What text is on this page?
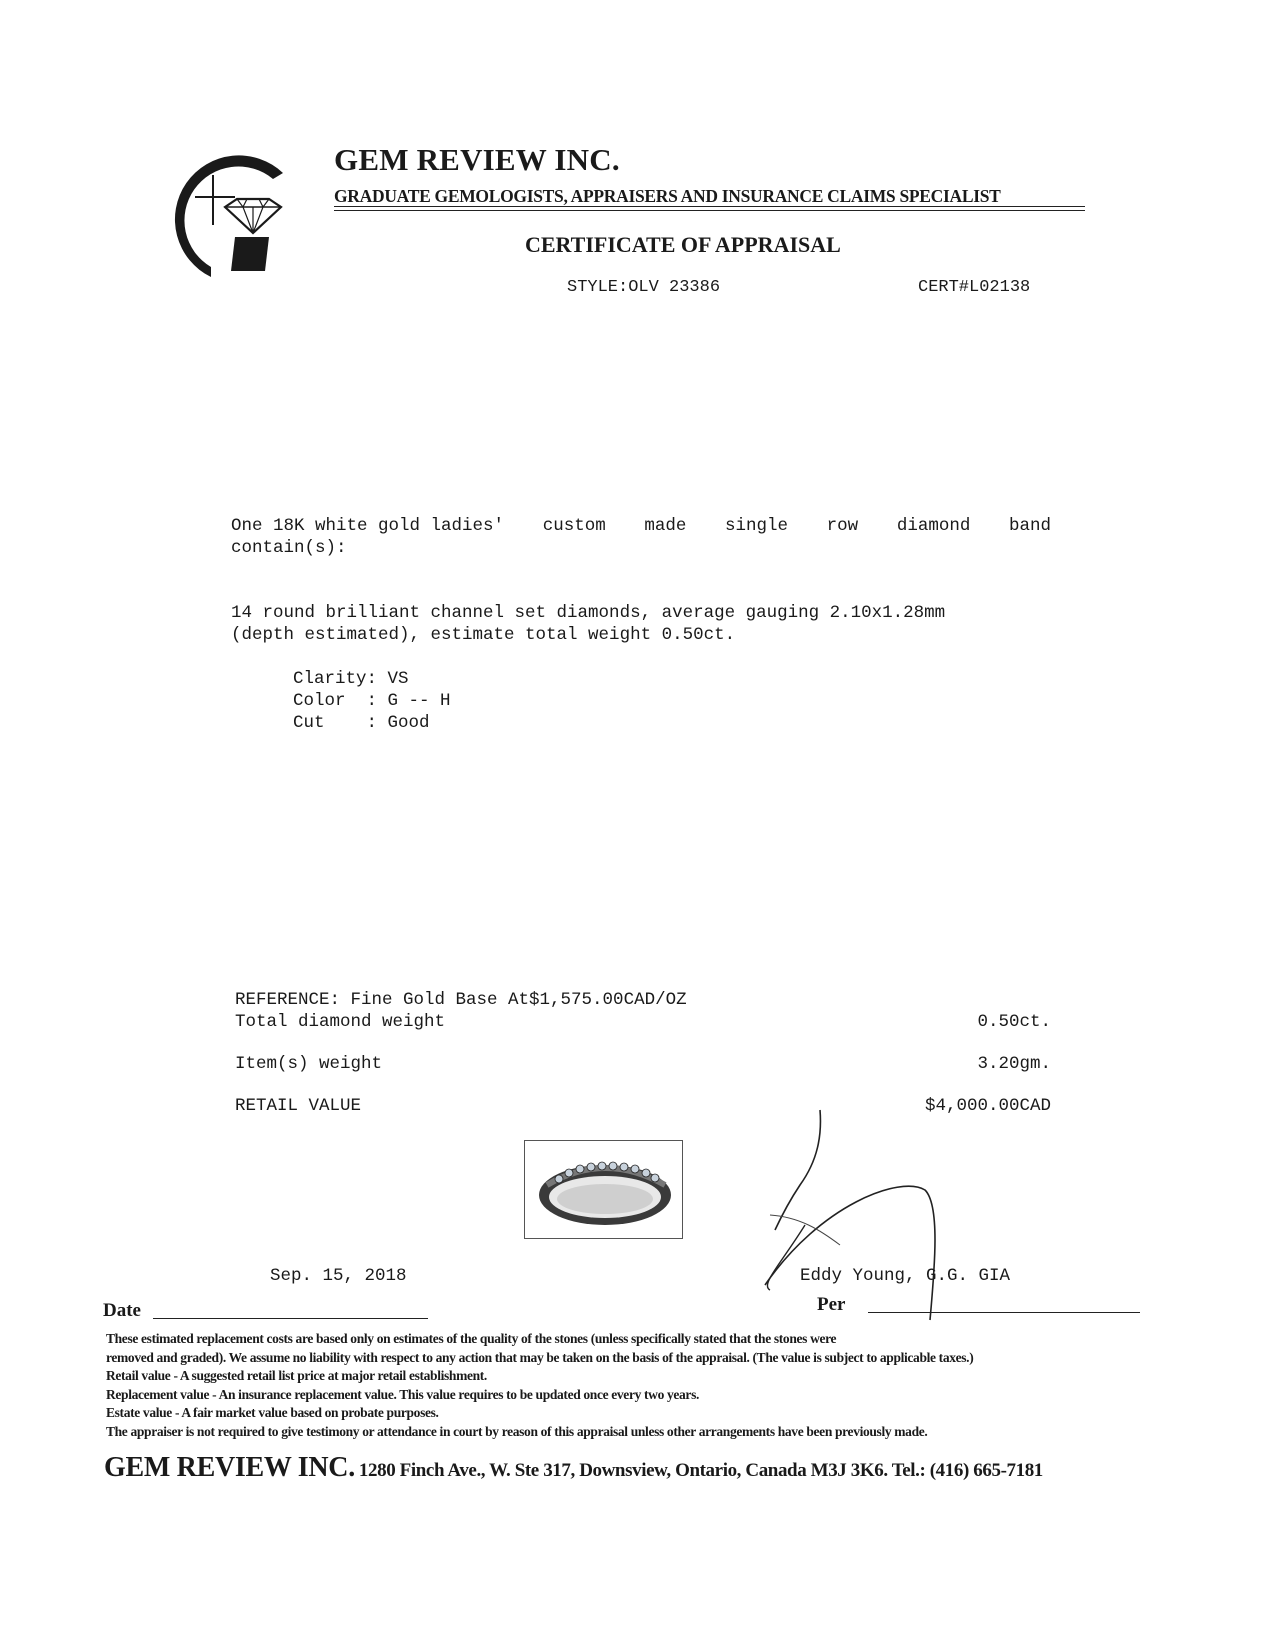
GEM REVIEW INC.
GRADUATE GEMOLOGISTS, APPRAISERS AND INSURANCE CLAIMS SPECIALIST
CERTIFICATE OF APPRAISAL
STYLE:OLV 23386	CERT#L02138
One 18K white gold ladies' custom made single row diamond band
contain(s):
14 round brilliant channel set diamonds, average gauging 2.10x1.28mm
(depth estimated), estimate total weight 0.50ct.
Clarity: VS
Color  : G -- H
Cut    : Good
REFERENCE: Fine Gold Base At$1,575.00CAD/OZ
Total diamond weight	0.50ct.
Item(s) weight	3.20gm.
RETAIL VALUE	$4,000.00CAD
Sep. 15, 2018	Eddy Young, G.G. GIA
Date	Per
These estimated replacement costs are based only on estimates of the quality of the stones (unless specifically stated that the stones were
removed and graded). We assume no liability with respect to any action that may be taken on the basis of the appraisal. (The value is subject to applicable taxes.)
Retail value - A suggested retail list price at major retail establishment.
Replacement value - An insurance replacement value. This value requires to be updated once every two years.
Estate value - A fair market value based on probate purposes.
The appraiser is not required to give testimony or attendance in court by reason of this appraisal unless other arrangements have been previously made.
GEM REVIEW INC. 1280 Finch Ave., W. Ste 317, Downsview, Ontario, Canada M3J 3K6. Tel.: (416) 665-7181
